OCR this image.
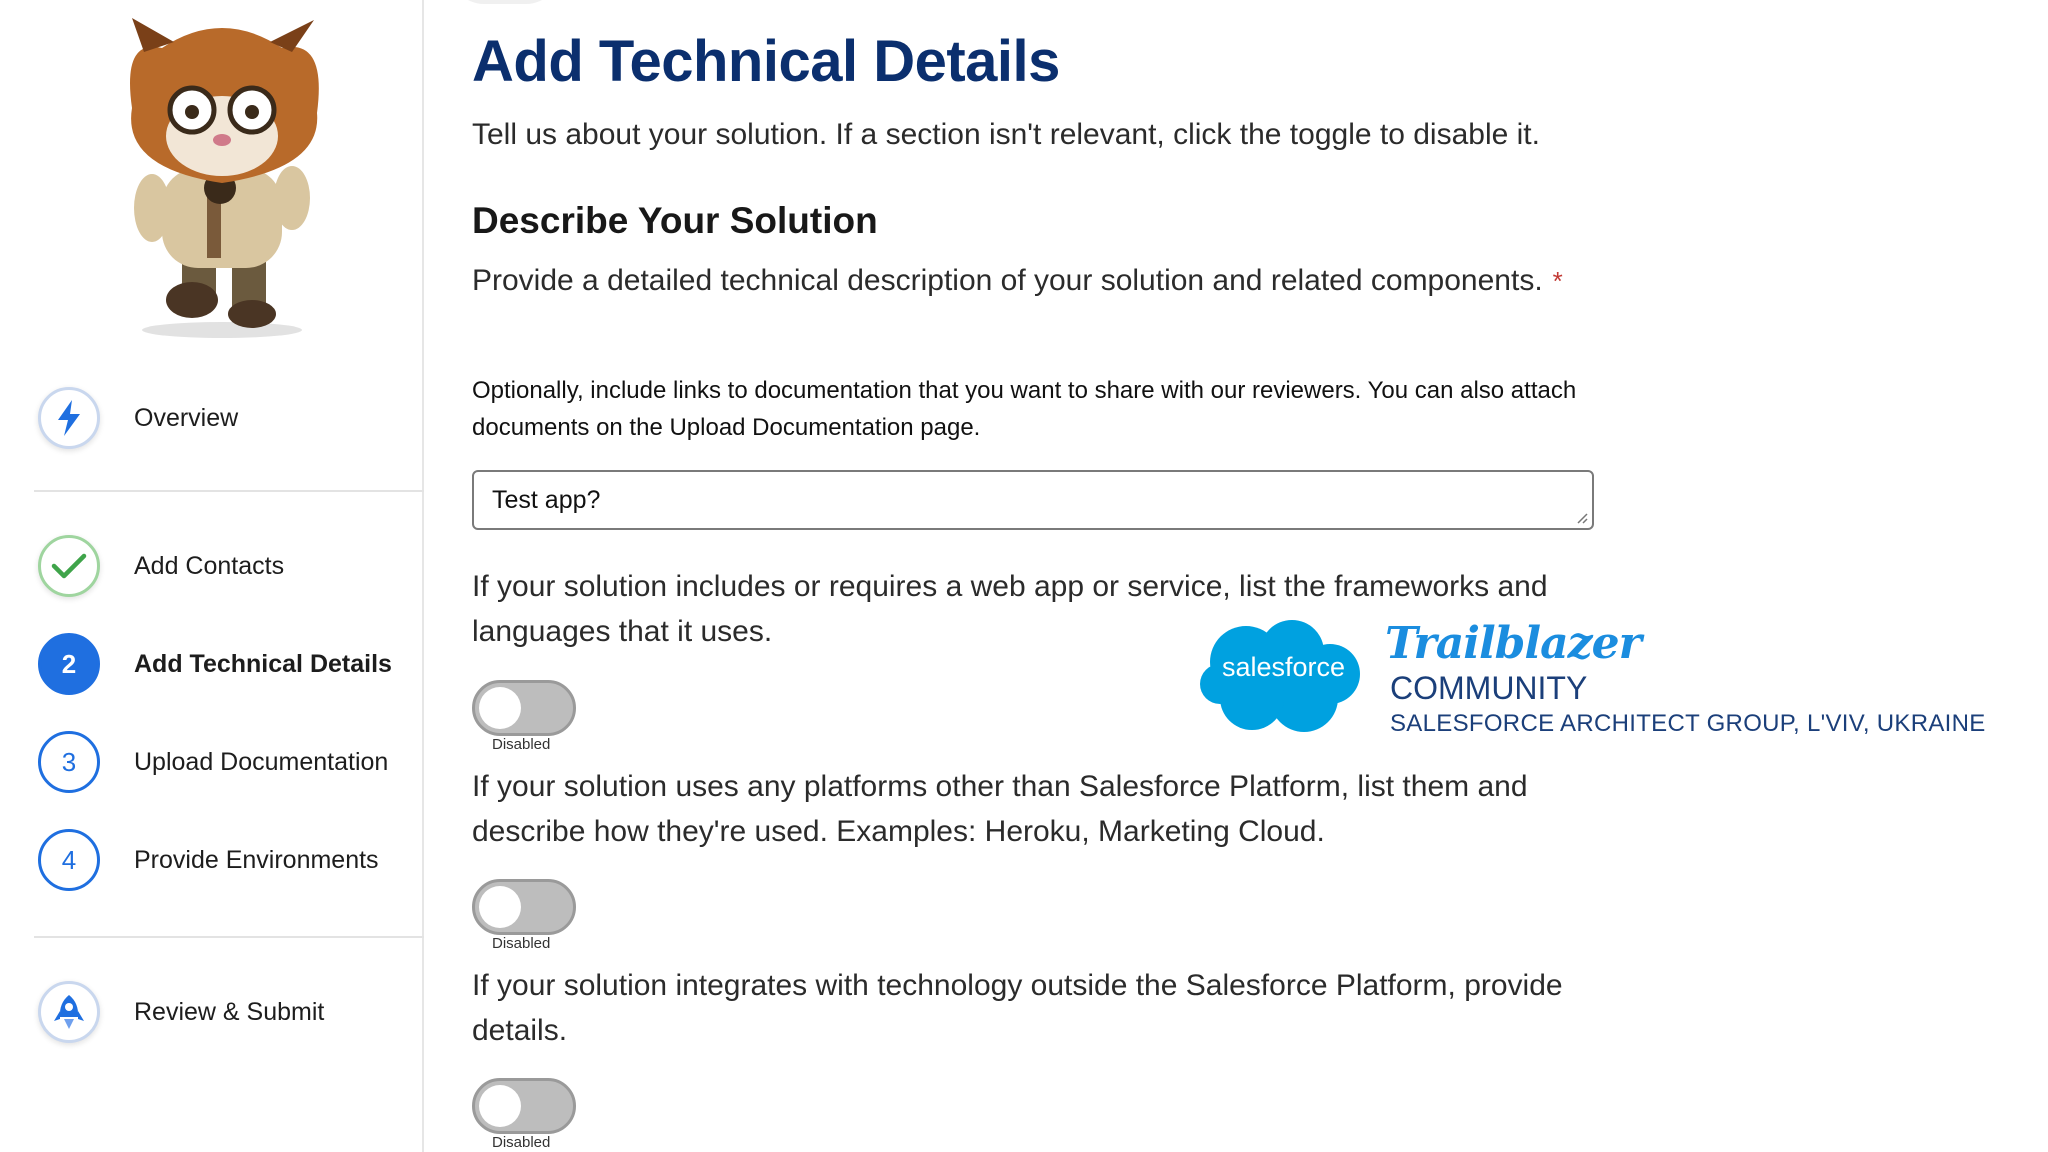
Overview
Add Contacts
2 Add Technical Details
3 Upload Documentation
4 Provide Environments
Review & Submit
Add Technical Details

Tell us about your solution. If a section isn't relevant, click the toggle to disable it.

Describe Your Solution

Provide a detailed technical description of your solution and related components. *

Optionally, include links to documentation that you want to share with our reviewers. You can also attach documents on the Upload Documentation page.

Test app?

If your solution includes or requires a web app or service, list the frameworks and languages that it uses.

Disabled

If your solution uses any platforms other than Salesforce Platform, list them and describe how they're used. Examples: Heroku, Marketing Cloud.

Disabled

If your solution integrates with technology outside the Salesforce Platform, provide details.

Disabled
salesforce Trailblazer
COMMUNITY
SALESFORCE ARCHITECT GROUP, L'VIV, UKRAINE
